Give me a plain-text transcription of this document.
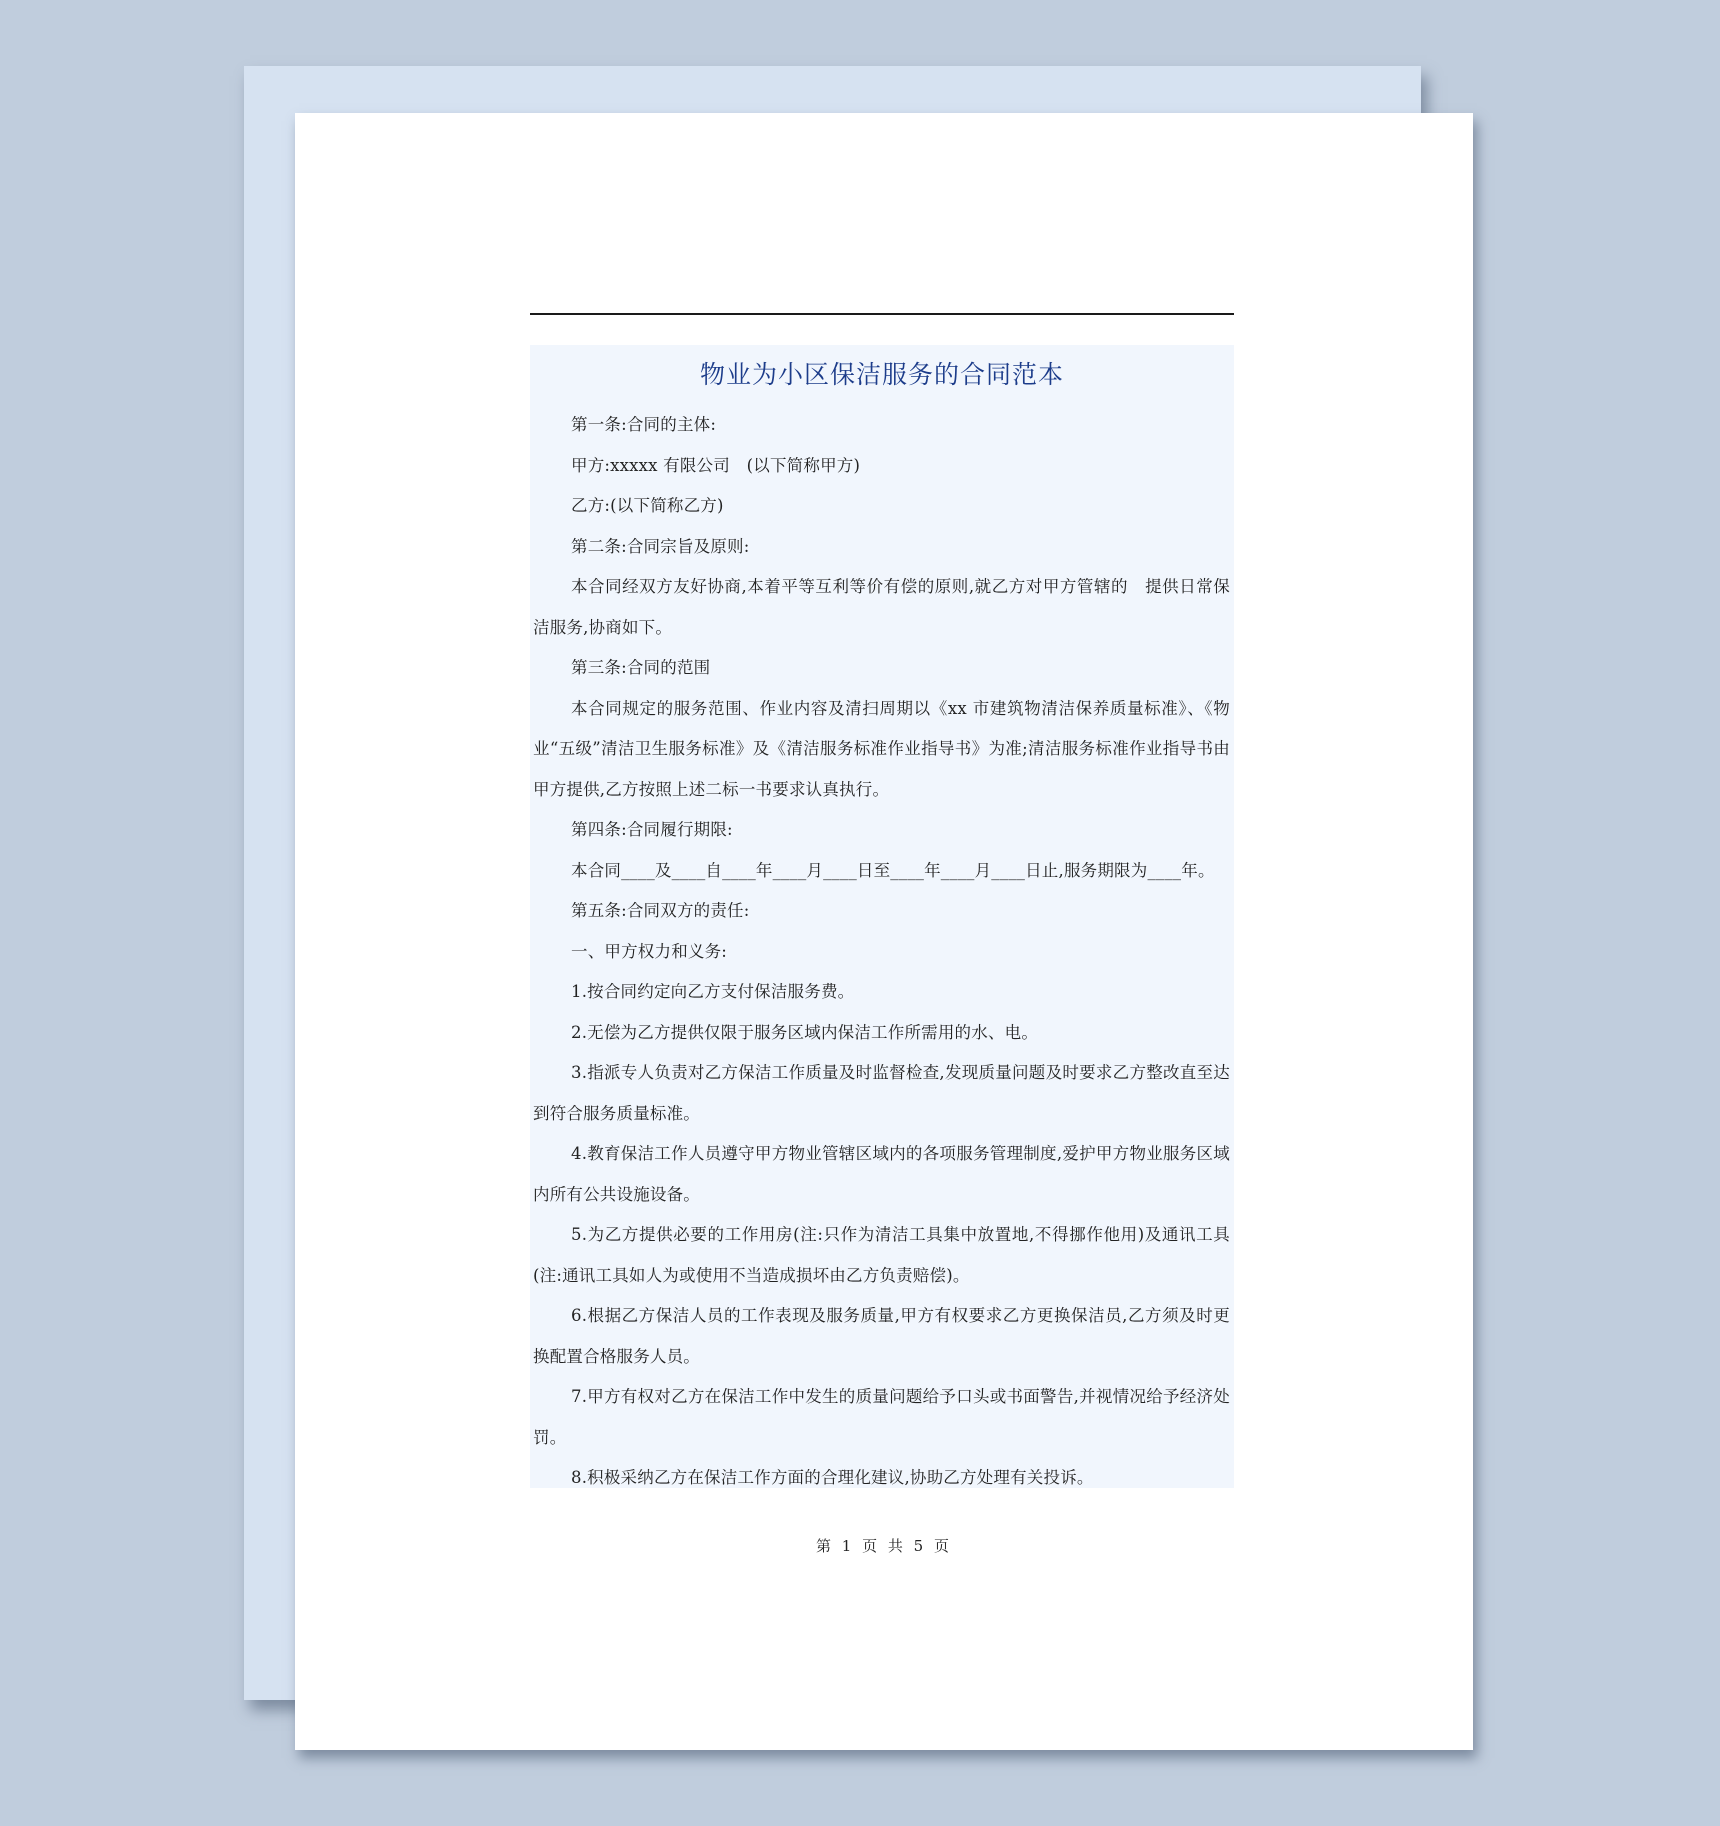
物业为小区保洁服务的合同范本

第一条:合同的主体:

甲方:xxxxx 有限公司　(以下简称甲方)

乙方:(以下简称乙方)

第二条:合同宗旨及原则:

本合同经双方友好协商,本着平等互利等价有偿的原则,就乙方对甲方管辖的　提供日常保洁服务,协商如下。

第三条:合同的范围

本合同规定的服务范围、作业内容及清扫周期以《xx 市建筑物清洁保养质量标准》、《物业“五级”清洁卫生服务标准》及《清洁服务标准作业指导书》为准;清洁服务标准作业指导书由甲方提供,乙方按照上述二标一书要求认真执行。

第四条:合同履行期限:

本合同____及____自____年____月____日至____年____月____日止,服务期限为____年。

第五条:合同双方的责任:

一、甲方权力和义务:

1.按合同约定向乙方支付保洁服务费。

2.无偿为乙方提供仅限于服务区域内保洁工作所需用的水、电。

3.指派专人负责对乙方保洁工作质量及时监督检查,发现质量问题及时要求乙方整改直至达到符合服务质量标准。

4.教育保洁工作人员遵守甲方物业管辖区域内的各项服务管理制度,爱护甲方物业服务区域内所有公共设施设备。

5.为乙方提供必要的工作用房(注:只作为清洁工具集中放置地,不得挪作他用)及通讯工具(注:通讯工具如人为或使用不当造成损坏由乙方负责赔偿)。

6.根据乙方保洁人员的工作表现及服务质量,甲方有权要求乙方更换保洁员,乙方须及时更换配置合格服务人员。

7.甲方有权对乙方在保洁工作中发生的质量问题给予口头或书面警告,并视情况给予经济处罚。

8.积极采纳乙方在保洁工作方面的合理化建议,协助乙方处理有关投诉。

第 1 页 共 5 页
